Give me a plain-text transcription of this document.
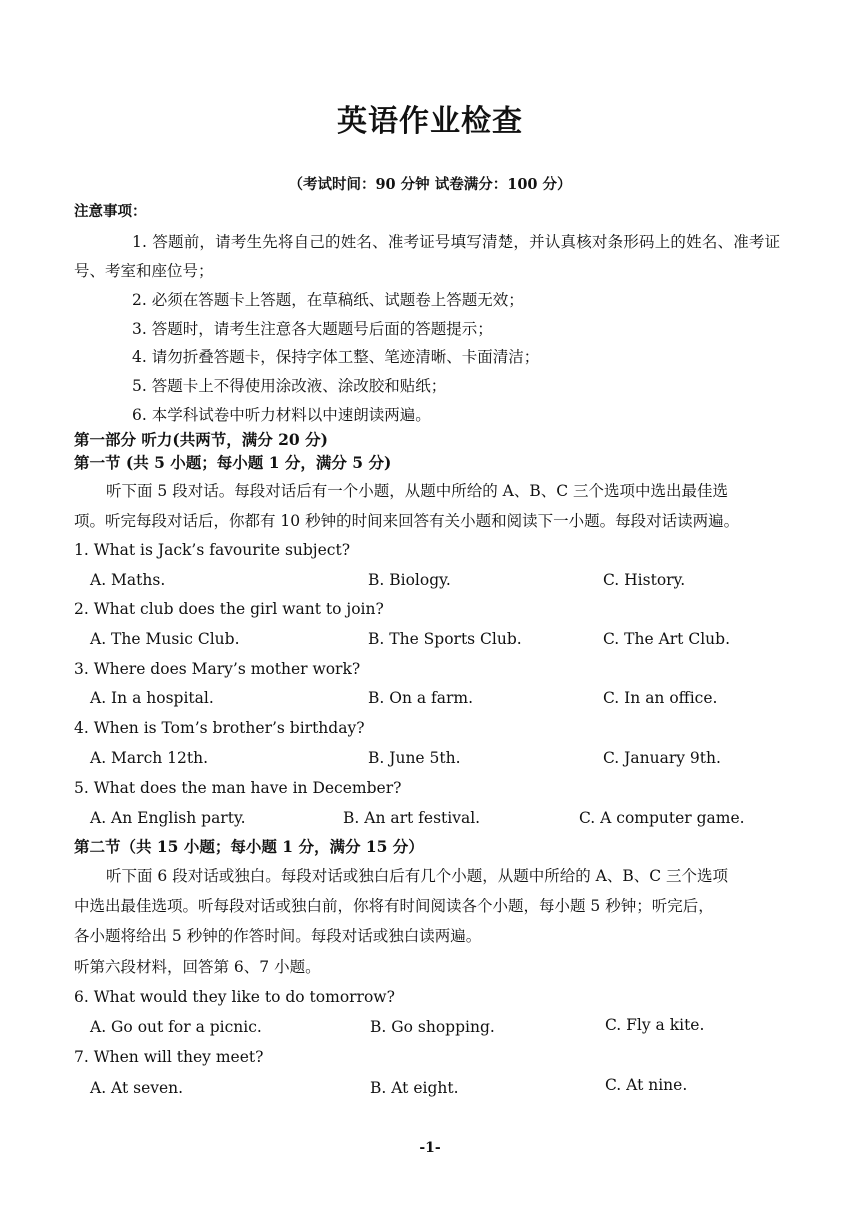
英语作业检查
（考试时间：90 分钟 试卷满分：100 分）
注意事项：
1. 答题前，请考生先将自己的姓名、准考证号填写清楚，并认真核对条形码上的姓名、准考证
号、考室和座位号；
2. 必须在答题卡上答题，在草稿纸、试题卷上答题无效；
3. 答题时，请考生注意各大题题号后面的答题提示；
4. 请勿折叠答题卡，保持字体工整、笔迹清晰、卡面清洁；
5. 答题卡上不得使用涂改液、涂改胶和贴纸；
6. 本学科试卷中听力材料以中速朗读两遍。
第一部分 听力(共两节，满分 20 分)
第一节 (共 5 小题；每小题 1 分，满分 5 分)
听下面 5 段对话。每段对话后有一个小题，从题中所给的 A、B、C 三个选项中选出最佳选
项。听完每段对话后，你都有 10 秒钟的时间来回答有关小题和阅读下一小题。每段对话读两遍。
1. What is Jack’s favourite subject?
A. Maths.	B. Biology.	C. History.
2. What club does the girl want to join?
A. The Music Club.	B. The Sports Club.	C. The Art Club.
3. Where does Mary’s mother work?
A. In a hospital.	B. On a farm.	C. In an office.
4. When is Tom’s brother’s birthday?
A. March 12th.	B. June 5th.	C. January 9th.
5. What does the man have in December?
A. An English party.	B. An art festival.	C. A computer game.
第二节（共 15 小题；每小题 1 分，满分 15 分）
听下面 6 段对话或独白。每段对话或独白后有几个小题，从题中所给的 A、B、C 三个选项
中选出最佳选项。听每段对话或独白前，你将有时间阅读各个小题，每小题 5 秒钟；听完后，
各小题将给出 5 秒钟的作答时间。每段对话或独白读两遍。
听第六段材料，回答第 6、7 小题。
6. What would they like to do tomorrow?
A. Go out for a picnic.	B. Go shopping.	C. Fly a kite.
7. When will they meet?
A. At seven.	B. At eight.	C. At nine.
-1-
